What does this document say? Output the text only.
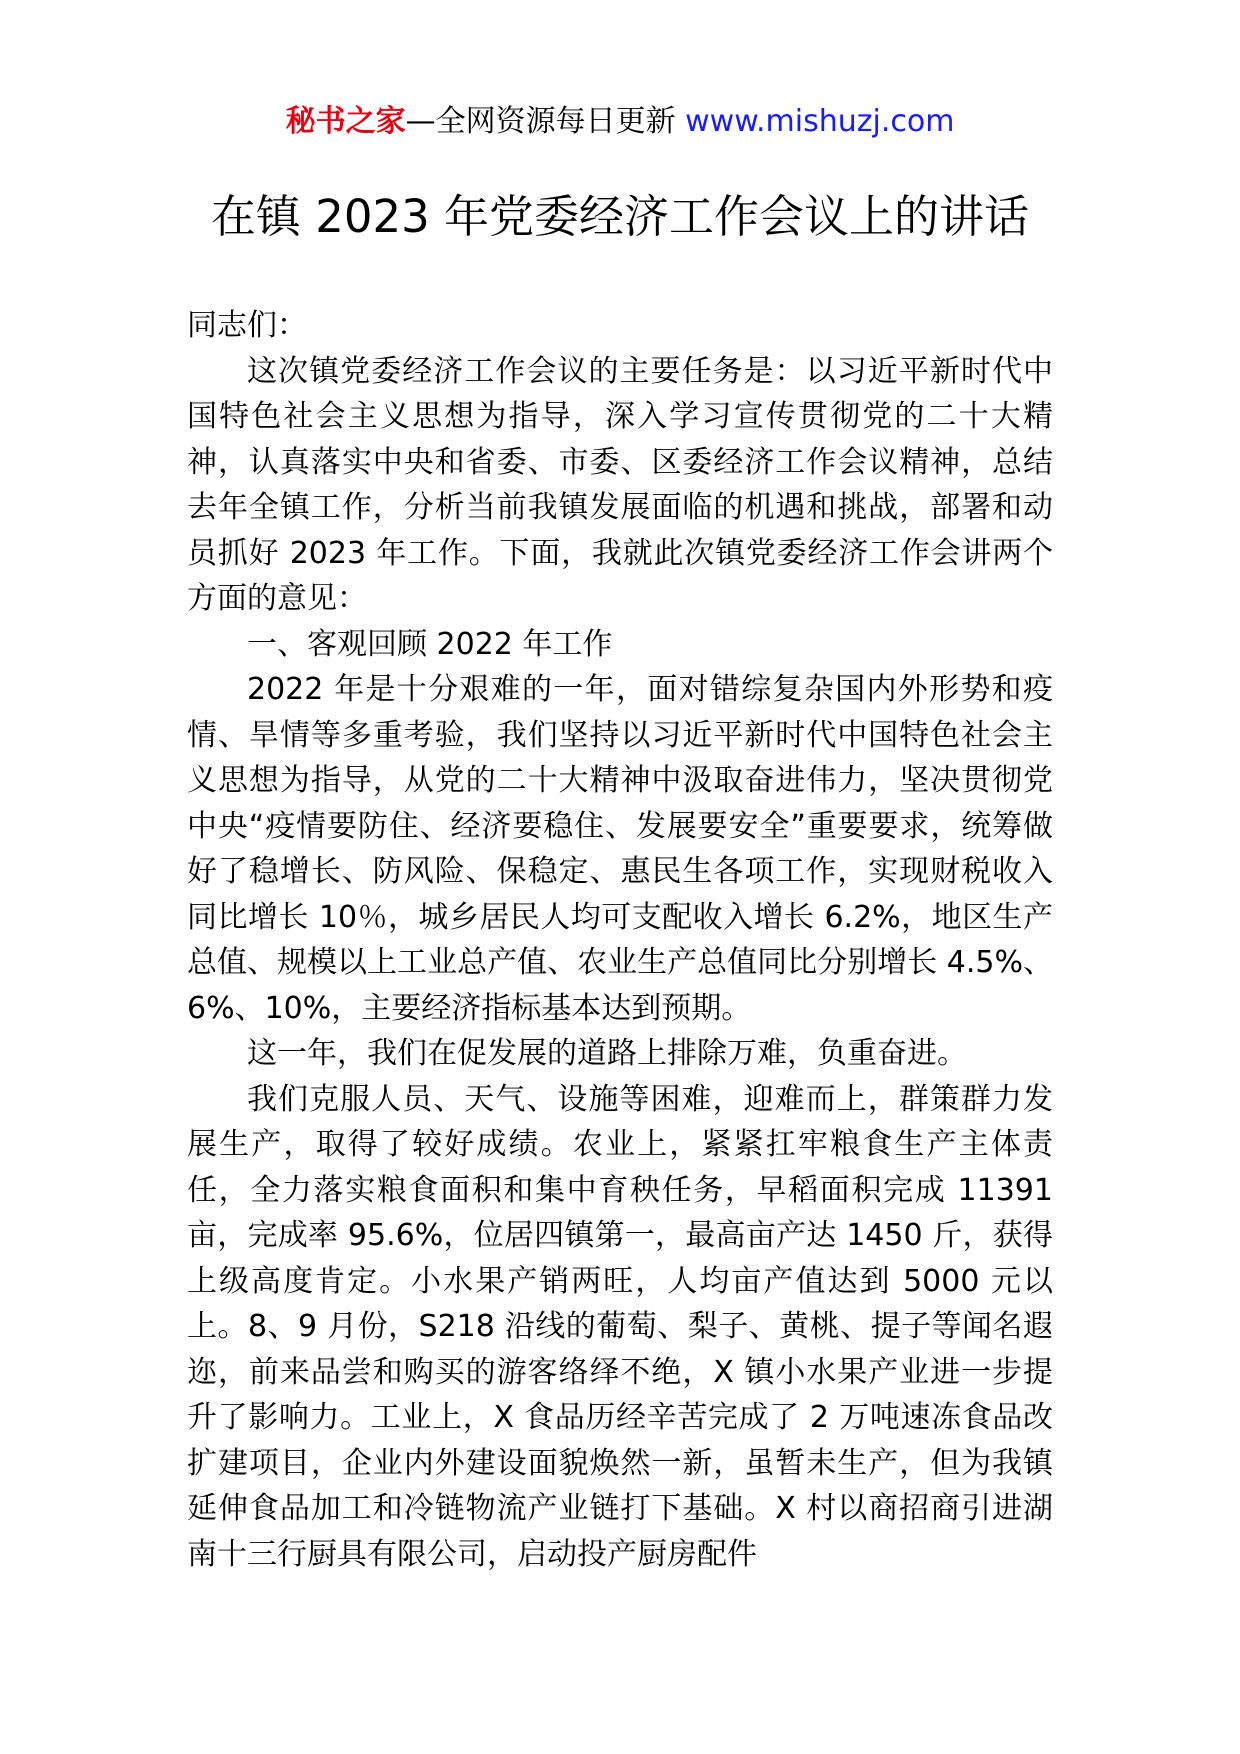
秘书之家—全网资源每日更新 www.mishuzj.com
在镇 2023 年党委经济工作会议上的讲话

同志们：

这次镇党委经济工作会议的主要任务是：以习近平新时代中国特色社会主义思想为指导，深入学习宣传贯彻党的二十大精神，认真落实中央和省委、市委、区委经济工作会议精神，总结去年全镇工作，分析当前我镇发展面临的机遇和挑战，部署和动员抓好 2023 年工作。下面，我就此次镇党委经济工作会讲两个方面的意见：

一、客观回顾 2022 年工作

2022 年是十分艰难的一年，面对错综复杂国内外形势和疫情、旱情等多重考验，我们坚持以习近平新时代中国特色社会主义思想为指导，从党的二十大精神中汲取奋进伟力，坚决贯彻党中央“疫情要防住、经济要稳住、发展要安全”重要要求，统筹做好了稳增长、防风险、保稳定、惠民生各项工作，实现财税收入同比增长 10％，城乡居民人均可支配收入增长 6.2%，地区生产总值、规模以上工业总产值、农业生产总值同比分别增长 4.5%、6%、10%，主要经济指标基本达到预期。

这一年，我们在促发展的道路上排除万难，负重奋进。

我们克服人员、天气、设施等困难，迎难而上，群策群力发展生产，取得了较好成绩。农业上，紧紧扛牢粮食生产主体责任，全力落实粮食面积和集中育秧任务，早稻面积完成 11391 亩，完成率 95.6%，位居四镇第一，最高亩产达 1450 斤，获得上级高度肯定。小水果产销两旺，人均亩产值达到 5000 元以上。8、9 月份，S218 沿线的葡萄、梨子、黄桃、提子等闻名遐迩，前来品尝和购买的游客络绎不绝，X 镇小水果产业进一步提升了影响力。工业上，X 食品历经辛苦完成了 2 万吨速冻食品改扩建项目，企业内外建设面貌焕然一新，虽暂未生产，但为我镇延伸食品加工和冷链物流产业链打下基础。X 村以商招商引进湖南十三行厨具有限公司，启动投产厨房配件
